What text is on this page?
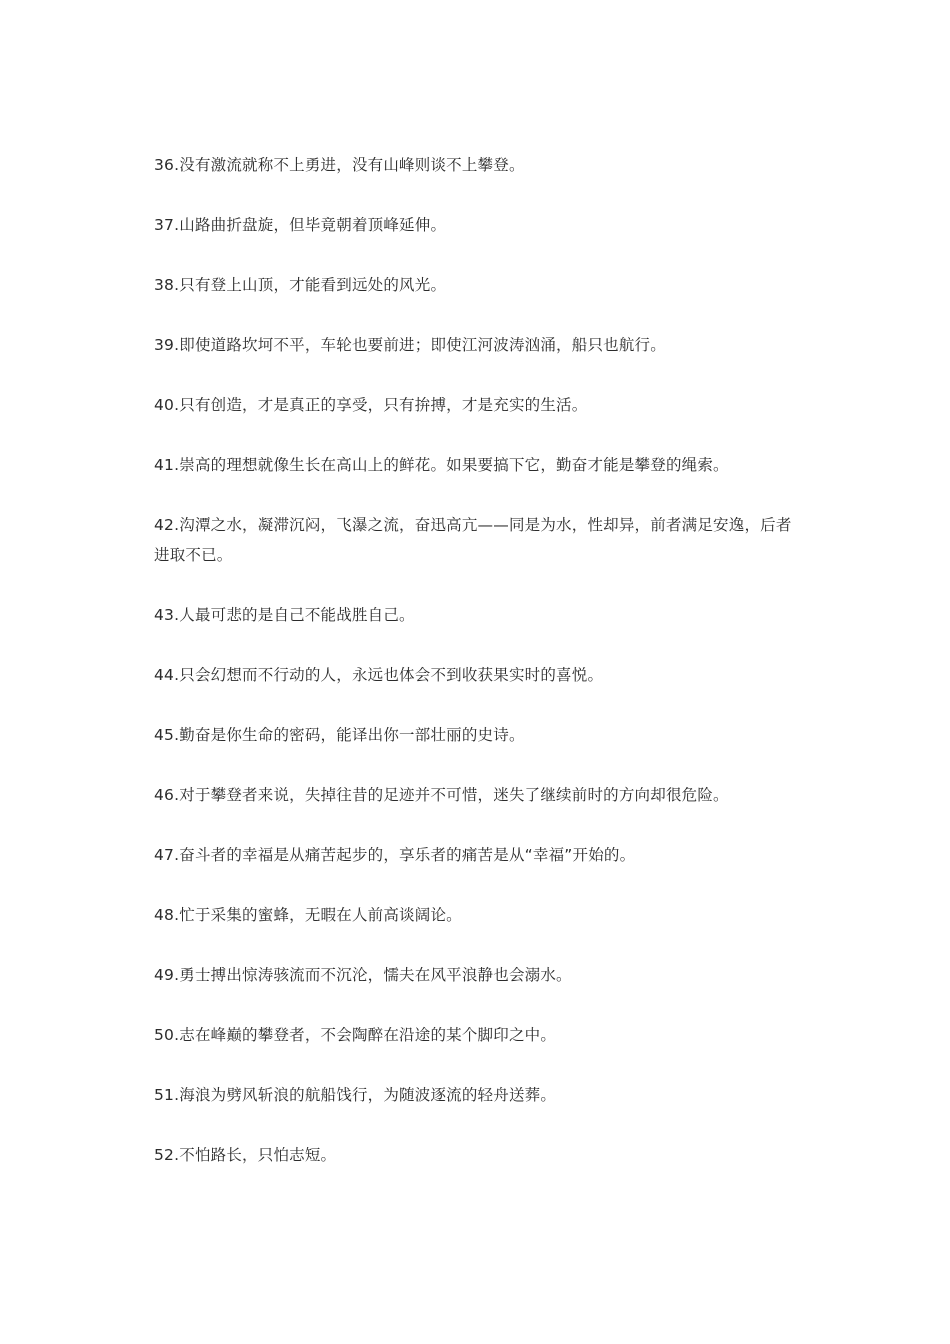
36.没有激流就称不上勇进，没有山峰则谈不上攀登。
37.山路曲折盘旋，但毕竟朝着顶峰延伸。
38.只有登上山顶，才能看到远处的风光。
39.即使道路坎坷不平，车轮也要前进；即使江河波涛汹涌，船只也航行。
40.只有创造，才是真正的享受，只有拚搏，才是充实的生活。
41.崇高的理想就像生长在高山上的鲜花。如果要搞下它，勤奋才能是攀登的绳索。
42.沟潭之水，凝滞沉闷，飞瀑之流，奋迅高亢——同是为水，性却异，前者满足安逸，后者进取不已。
43.人最可悲的是自己不能战胜自己。
44.只会幻想而不行动的人，永远也体会不到收获果实时的喜悦。
45.勤奋是你生命的密码，能译出你一部壮丽的史诗。
46.对于攀登者来说，失掉往昔的足迹并不可惜，迷失了继续前时的方向却很危险。
47.奋斗者的幸福是从痛苦起步的，享乐者的痛苦是从“幸福”开始的。
48.忙于采集的蜜蜂，无暇在人前高谈阔论。
49.勇士搏出惊涛骇流而不沉沦，懦夫在风平浪静也会溺水。
50.志在峰巅的攀登者，不会陶醉在沿途的某个脚印之中。
51.海浪为劈风斩浪的航船饯行，为随波逐流的轻舟送葬。
52.不怕路长，只怕志短。
